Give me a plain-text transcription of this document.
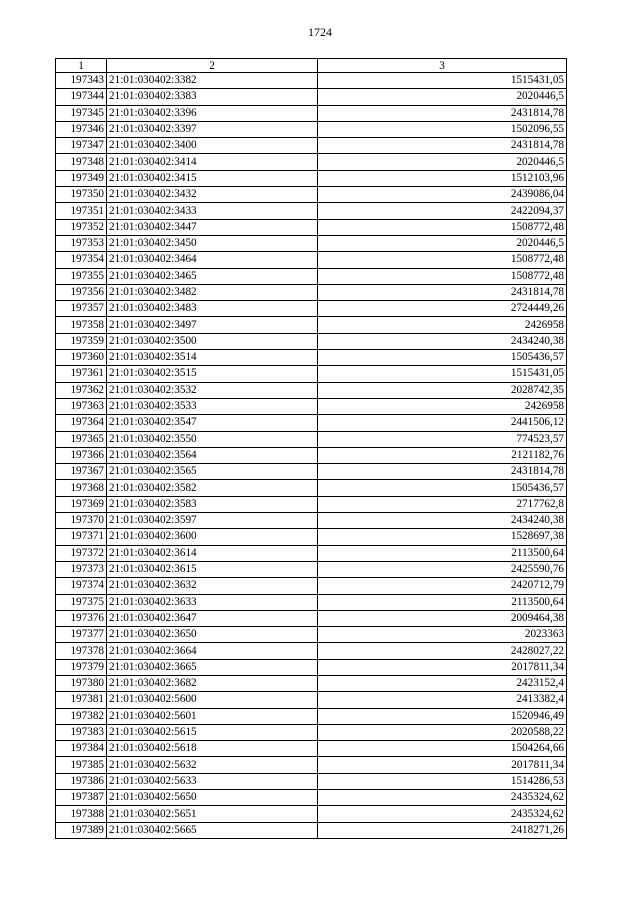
1724
1	2	3
197343	21:01:030402:3382	1515431,05
197344	21:01:030402:3383	2020446,5
197345	21:01:030402:3396	2431814,78
197346	21:01:030402:3397	1502096,55
197347	21:01:030402:3400	2431814,78
197348	21:01:030402:3414	2020446,5
197349	21:01:030402:3415	1512103,96
197350	21:01:030402:3432	2439086,04
197351	21:01:030402:3433	2422094,37
197352	21:01:030402:3447	1508772,48
197353	21:01:030402:3450	2020446,5
197354	21:01:030402:3464	1508772,48
197355	21:01:030402:3465	1508772,48
197356	21:01:030402:3482	2431814,78
197357	21:01:030402:3483	2724449,26
197358	21:01:030402:3497	2426958
197359	21:01:030402:3500	2434240,38
197360	21:01:030402:3514	1505436,57
197361	21:01:030402:3515	1515431,05
197362	21:01:030402:3532	2028742,35
197363	21:01:030402:3533	2426958
197364	21:01:030402:3547	2441506,12
197365	21:01:030402:3550	774523,57
197366	21:01:030402:3564	2121182,76
197367	21:01:030402:3565	2431814,78
197368	21:01:030402:3582	1505436,57
197369	21:01:030402:3583	2717762,8
197370	21:01:030402:3597	2434240,38
197371	21:01:030402:3600	1528697,38
197372	21:01:030402:3614	2113500,64
197373	21:01:030402:3615	2425590,76
197374	21:01:030402:3632	2420712,79
197375	21:01:030402:3633	2113500,64
197376	21:01:030402:3647	2009464,38
197377	21:01:030402:3650	2023363
197378	21:01:030402:3664	2428027,22
197379	21:01:030402:3665	2017811,34
197380	21:01:030402:3682	2423152,4
197381	21:01:030402:5600	2413382,4
197382	21:01:030402:5601	1520946,49
197383	21:01:030402:5615	2020588,22
197384	21:01:030402:5618	1504264,66
197385	21:01:030402:5632	2017811,34
197386	21:01:030402:5633	1514286,53
197387	21:01:030402:5650	2435324,62
197388	21:01:030402:5651	2435324,62
197389	21:01:030402:5665	2418271,26
